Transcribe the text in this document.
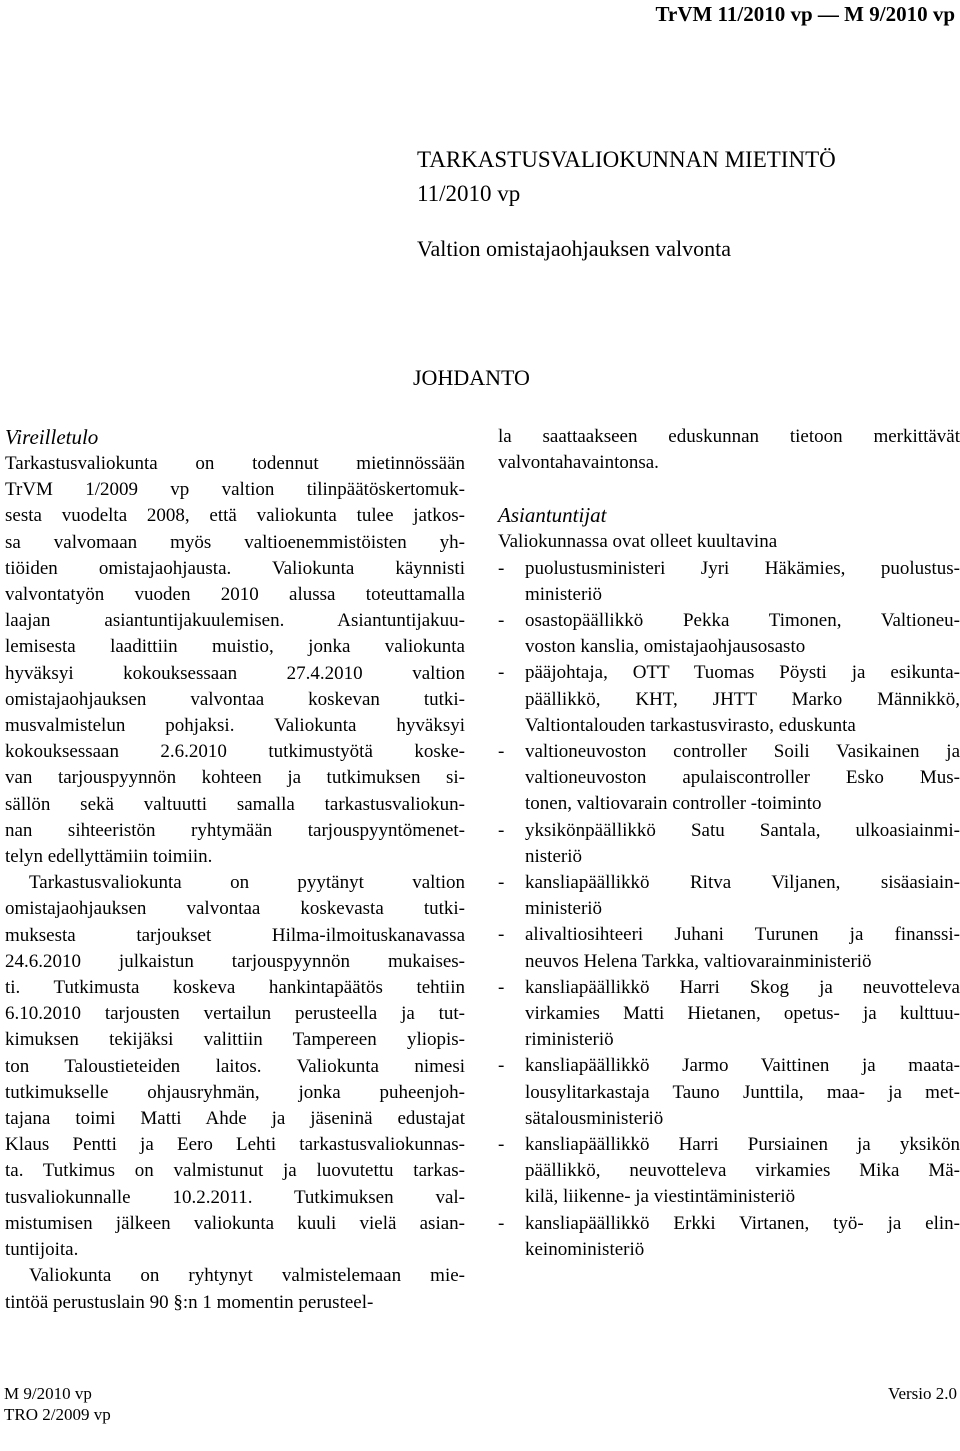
TrVM 11/2010 vp — M 9/2010 vp
TARKASTUSVALIOKUNNAN MIETINTÖ
11/2010 vp
Valtion omistajaohjauksen valvonta
JOHDANTO

Vireilletulo

Tarkastusvaliokunta on todennut mietinnössään

TrVM 1/2009 vp valtion tilinpäätöskertomuk-

sesta vuodelta 2008, että valiokunta tulee jatkos-

sa valvomaan myös valtioenemmistöisten yh-

tiöiden omistajaohjausta. Valiokunta käynnisti

valvontatyön vuoden 2010 alussa toteuttamalla

laajan asiantuntijakuulemisen. Asiantuntijakuu-

lemisesta laadittiin muistio, jonka valiokunta

hyväksyi kokouksessaan 27.4.2010 valtion

omistajaohjauksen valvontaa koskevan tutki-

musvalmistelun pohjaksi. Valiokunta hyväksyi

kokouksessaan 2.6.2010 tutkimustyötä koske-

van tarjouspyynnön kohteen ja tutkimuksen si-

sällön sekä valtuutti samalla tarkastusvaliokun-

nan sihteeristön ryhtymään tarjouspyyntömenet-

telyn edellyttämiin toimiin.

Tarkastusvaliokunta on pyytänyt valtion

omistajaohjauksen valvontaa koskevasta tutki-

muksesta tarjoukset Hilma-ilmoituskanavassa

24.6.2010 julkaistun tarjouspyynnön mukaises-

ti. Tutkimusta koskeva hankintapäätös tehtiin

6.10.2010 tarjousten vertailun perusteella ja tut-

kimuksen tekijäksi valittiin Tampereen yliopis-

ton Taloustieteiden laitos. Valiokunta nimesi

tutkimukselle ohjausryhmän, jonka puheenjoh-

tajana toimi Matti Ahde ja jäseninä edustajat

Klaus Pentti ja Eero Lehti tarkastusvaliokunnas-

ta. Tutkimus on valmistunut ja luovutettu tarkas-

tusvaliokunnalle 10.2.2011. Tutkimuksen val-

mistumisen jälkeen valiokunta kuuli vielä asian-

tuntijoita.

Valiokunta on ryhtynyt valmistelemaan mie-

tintöä perustuslain 90 §:n 1 momentin perusteel-

la saattaakseen eduskunnan tietoon merkittävät

valvontahavaintonsa.

Asiantuntijat

Valiokunnassa ovat olleet kuultavina

- puolustusministeri Jyri Häkämies, puolustus-
ministeriö
- osastopäällikkö Pekka Timonen, Valtioneu-
voston kanslia, omistajaohjausosasto
- pääjohtaja, OTT Tuomas Pöysti ja esikunta-
päällikkö, KHT, JHTT Marko Männikkö,
Valtiontalouden tarkastusvirasto, eduskunta
- valtioneuvoston controller Soili Vasikainen ja
valtioneuvoston apulaiscontroller Esko Mus-
tonen, valtiovarain controller -toiminto
- yksikönpäällikkö Satu Santala, ulkoasiainmi-
nisteriö
- kansliapäällikkö Ritva Viljanen, sisäasiain-
ministeriö
- alivaltiosihteeri Juhani Turunen ja finanssi-
neuvos Helena Tarkka, valtiovarainministeriö
- kansliapäällikkö Harri Skog ja neuvotteleva
virkamies Matti Hietanen, opetus- ja kulttuu-
riministeriö
- kansliapäällikkö Jarmo Vaittinen ja maata-
lousylitarkastaja Tauno Junttila, maa- ja met-
sätalousministeriö
- kansliapäällikkö Harri Pursiainen ja yksikön
päällikkö, neuvotteleva virkamies Mika Mä-
kilä, liikenne- ja viestintäministeriö
- kansliapäällikkö Erkki Virtanen, työ- ja elin-
keinoministeriö
M 9/2010 vp
TRO 2/2009 vp
Versio 2.0
